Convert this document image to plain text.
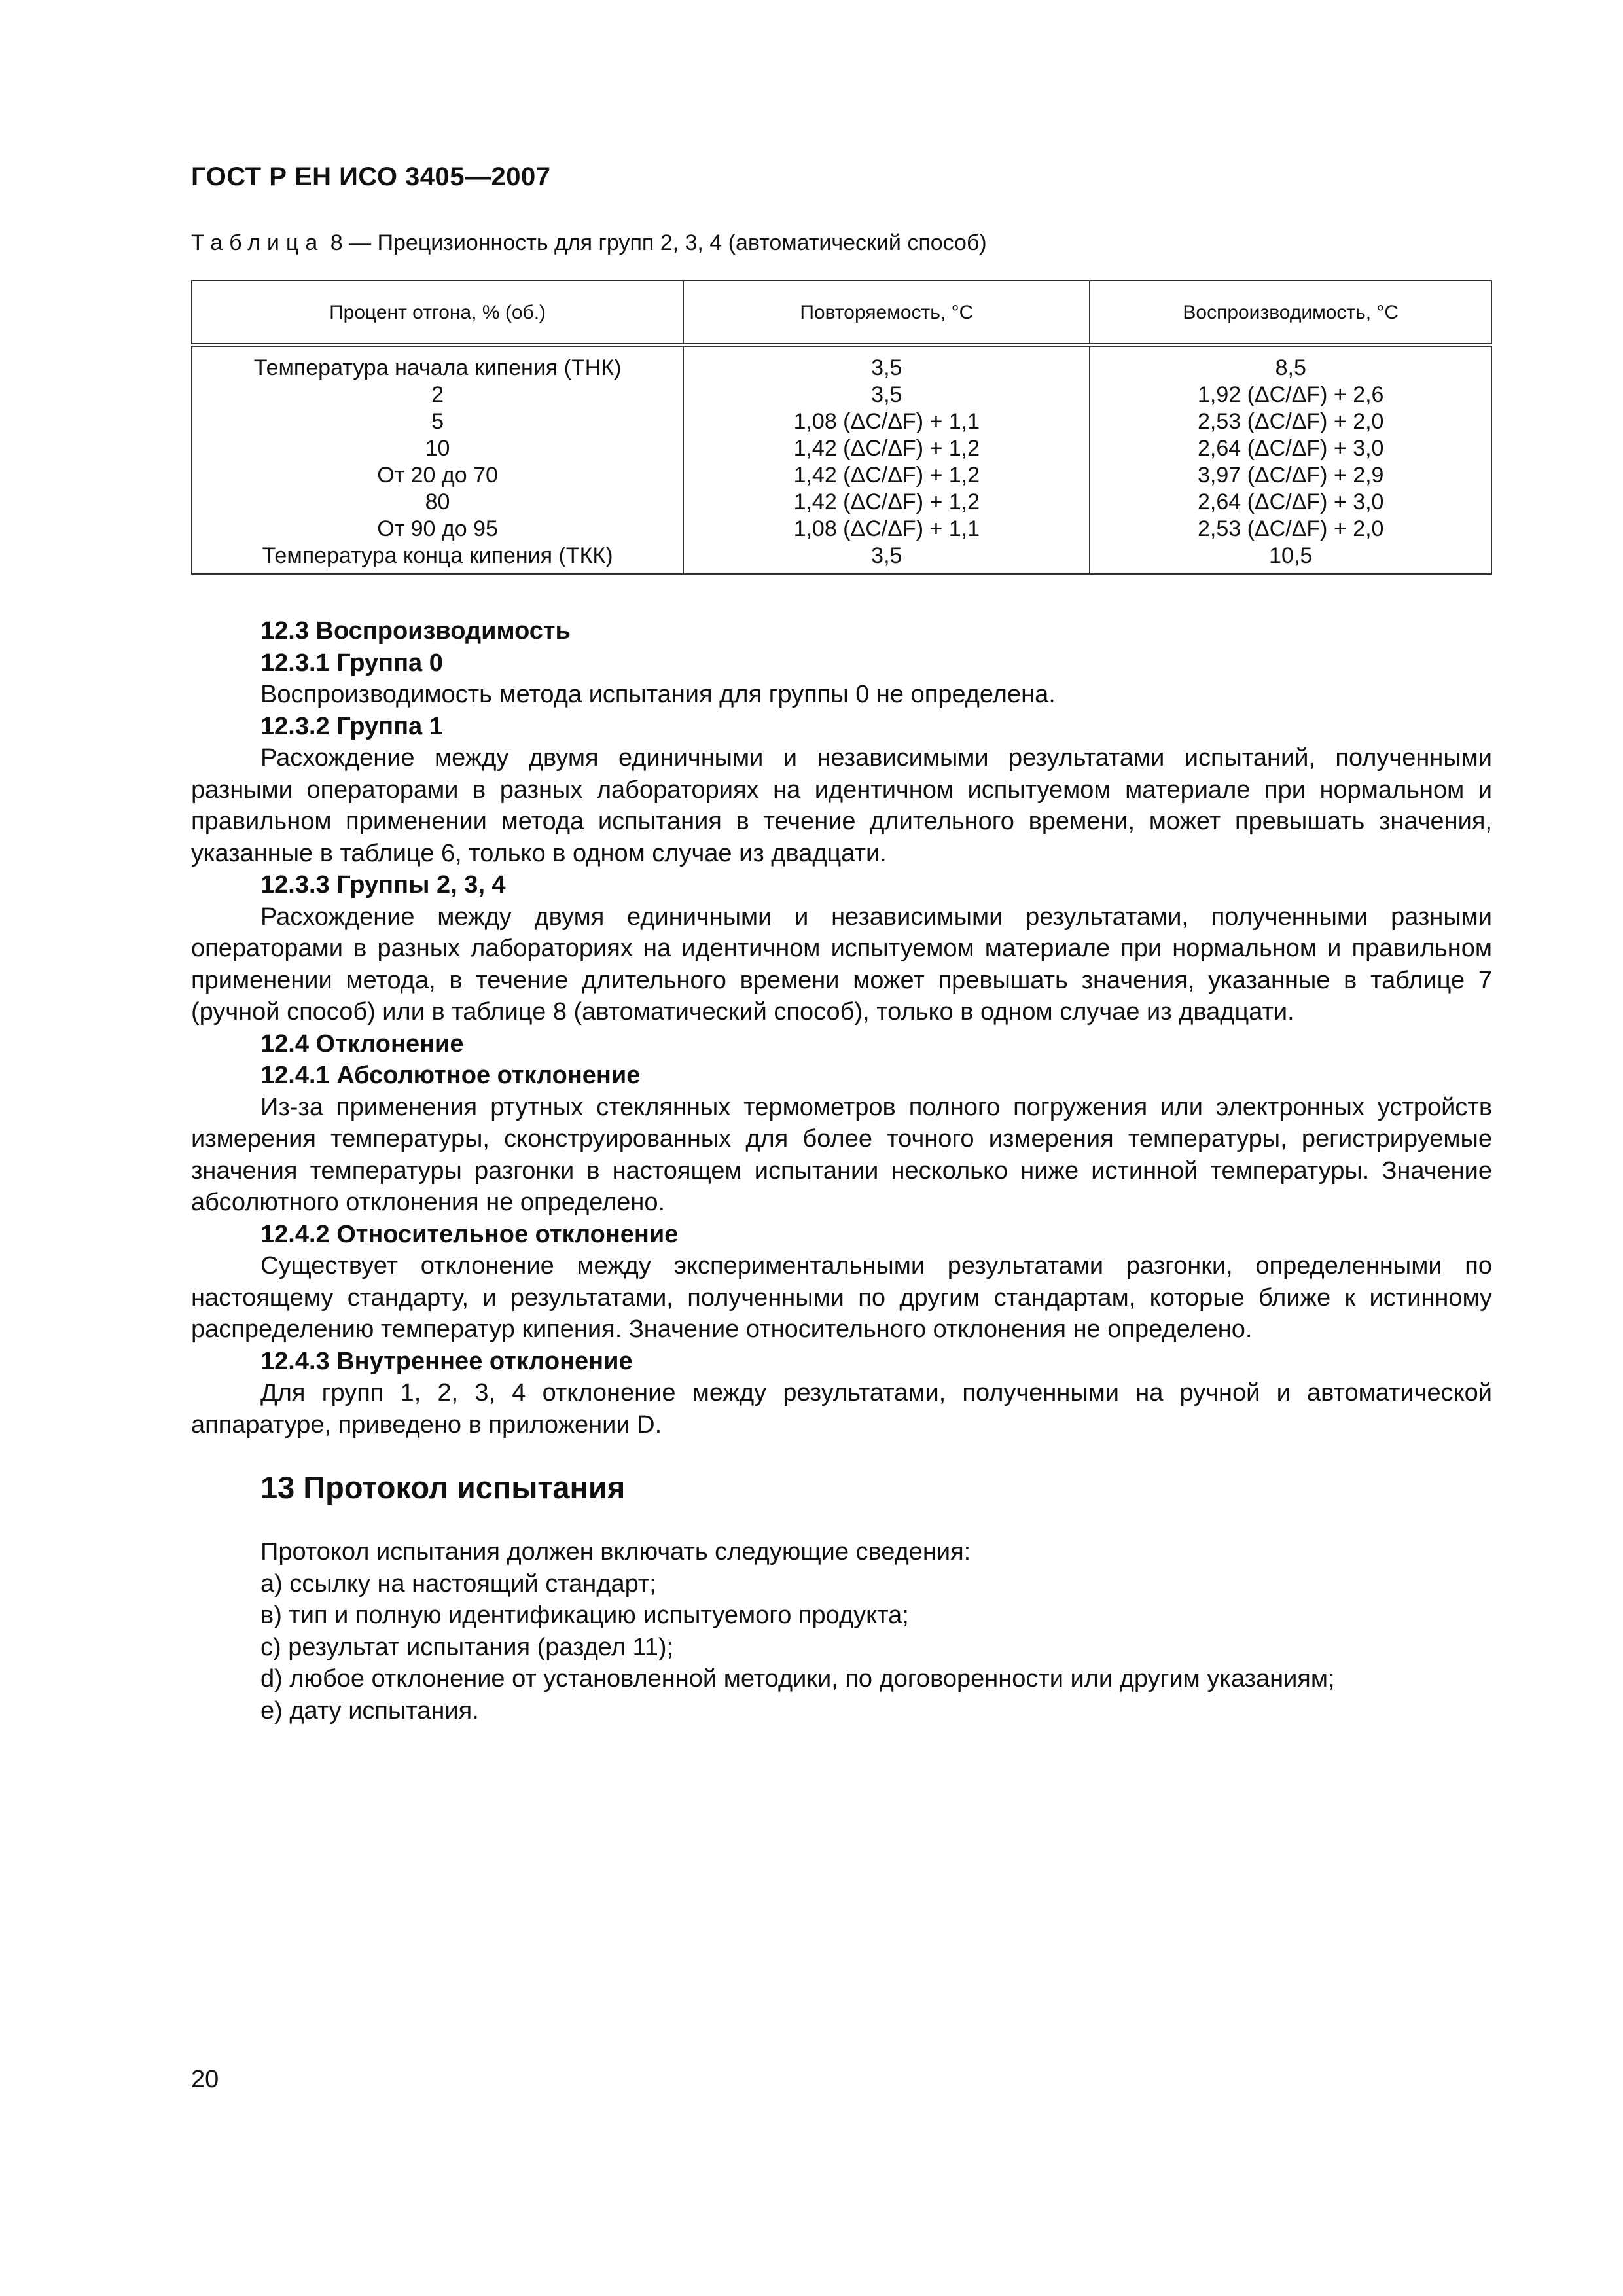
ГОСТ Р ЕН ИСО 3405—2007
Таблица 8 — Прецизионность для групп 2, 3, 4 (автоматический способ)
Процент отгона, % (об.)	Повторяемость, °С	Воспроизводимость, °С
Температура начала кипения (ТНК)	3,5	8,5
2	3,5	1,92 (ΔC/ΔF) + 2,6
5	1,08 (ΔC/ΔF) + 1,1	2,53 (ΔC/ΔF) + 2,0
10	1,42 (ΔC/ΔF) + 1,2	2,64 (ΔC/ΔF) + 3,0
От 20 до 70	1,42 (ΔC/ΔF) + 1,2	3,97 (ΔC/ΔF) + 2,9
80	1,42 (ΔC/ΔF) + 1,2	2,64 (ΔC/ΔF) + 3,0
От 90 до 95	1,08 (ΔC/ΔF) + 1,1	2,53 (ΔC/ΔF) + 2,0
Температура конца кипения (ТКК)	3,5	10,5

12.3 Воспроизводимость

12.3.1 Группа 0

Воспроизводимость метода испытания для группы 0 не определена.

12.3.2 Группа 1

Расхождение между двумя единичными и независимыми результатами испытаний, полученными разными операторами в разных лабораториях на идентичном испытуемом материале при нормальном и правильном применении метода испытания в течение длительного времени, может превышать значения, указанные в таблице 6, только в одном случае из двадцати.

12.3.3 Группы 2, 3, 4

Расхождение между двумя единичными и независимыми результатами, полученными разными операторами в разных лабораториях на идентичном испытуемом материале при нормальном и правильном применении метода, в течение длительного времени может превышать значения, указанные в таблице 7 (ручной способ) или в таблице 8 (автоматический способ), только в одном случае из двадцати.

12.4 Отклонение

12.4.1 Абсолютное отклонение

Из-за применения ртутных стеклянных термометров полного погружения или электронных устройств измерения температуры, сконструированных для более точного измерения температуры, регистрируемые значения температуры разгонки в настоящем испытании несколько ниже истинной температуры. Значение абсолютного отклонения не определено.

12.4.2 Относительное отклонение

Существует отклонение между экспериментальными результатами разгонки, определенными по настоящему стандарту, и результатами, полученными по другим стандартам, которые ближе к истинному распределению температур кипения. Значение относительного отклонения не определено.

12.4.3 Внутреннее отклонение

Для групп 1, 2, 3, 4 отклонение между результатами, полученными на ручной и автоматической аппаратуре, приведено в приложении D.

13 Протокол испытания

Протокол испытания должен включать следующие сведения:

а) ссылку на настоящий стандарт;

в) тип и полную идентификацию испытуемого продукта;

с) результат испытания (раздел 11);

d) любое отклонение от установленной методики, по договоренности или другим указаниям;

е) дату испытания.

20
